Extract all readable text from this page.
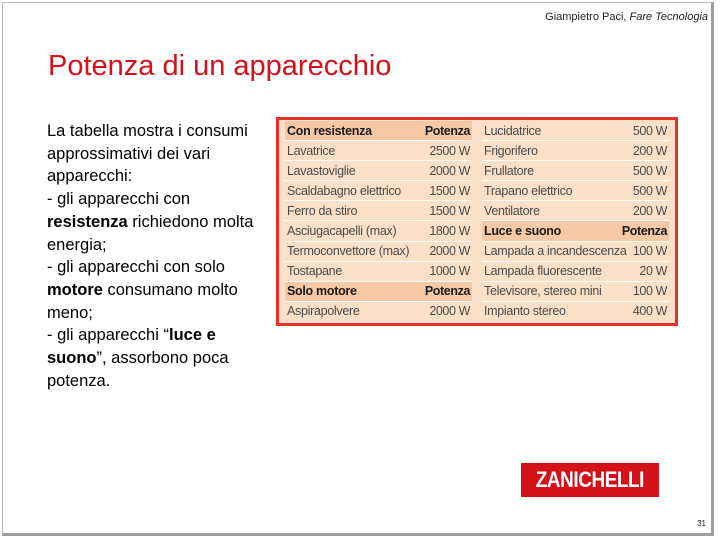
Giampietro Paci, Fare Tecnologia
Potenza di un apparecchio
La tabella mostra i consumi approssimativi dei vari apparecchi:
- gli apparecchi con resistenza richiedono molta energia;
- gli apparecchi con solo motore consumano molto meno;
- gli apparecchi “luce e suono”, assorbono poca potenza.
Con resistenza	Potenza
Lavatrice	2500 W
Lavastoviglie	2000 W
Scaldabagno elettrico 1500 W
Ferro da stiro	1500 W
Asciugacapelli (max)	1800 W
Termoconvettore (max) 2000 W
Tostapane	1000 W
Solo motore	Potenza
Aspirapolvere	2000 W
Lucidatrice	500 W
Frigorifero	200 W
Frullatore	500 W
Trapano elettrico	500 W
Ventilatore	200 W
Luce e suono	Potenza
Lampada a incandescenza 100 W
Lampada fluorescente	20 W
Televisore, stereo mini	100 W
Impianto stereo	400 W
ZANICHELLI
31
